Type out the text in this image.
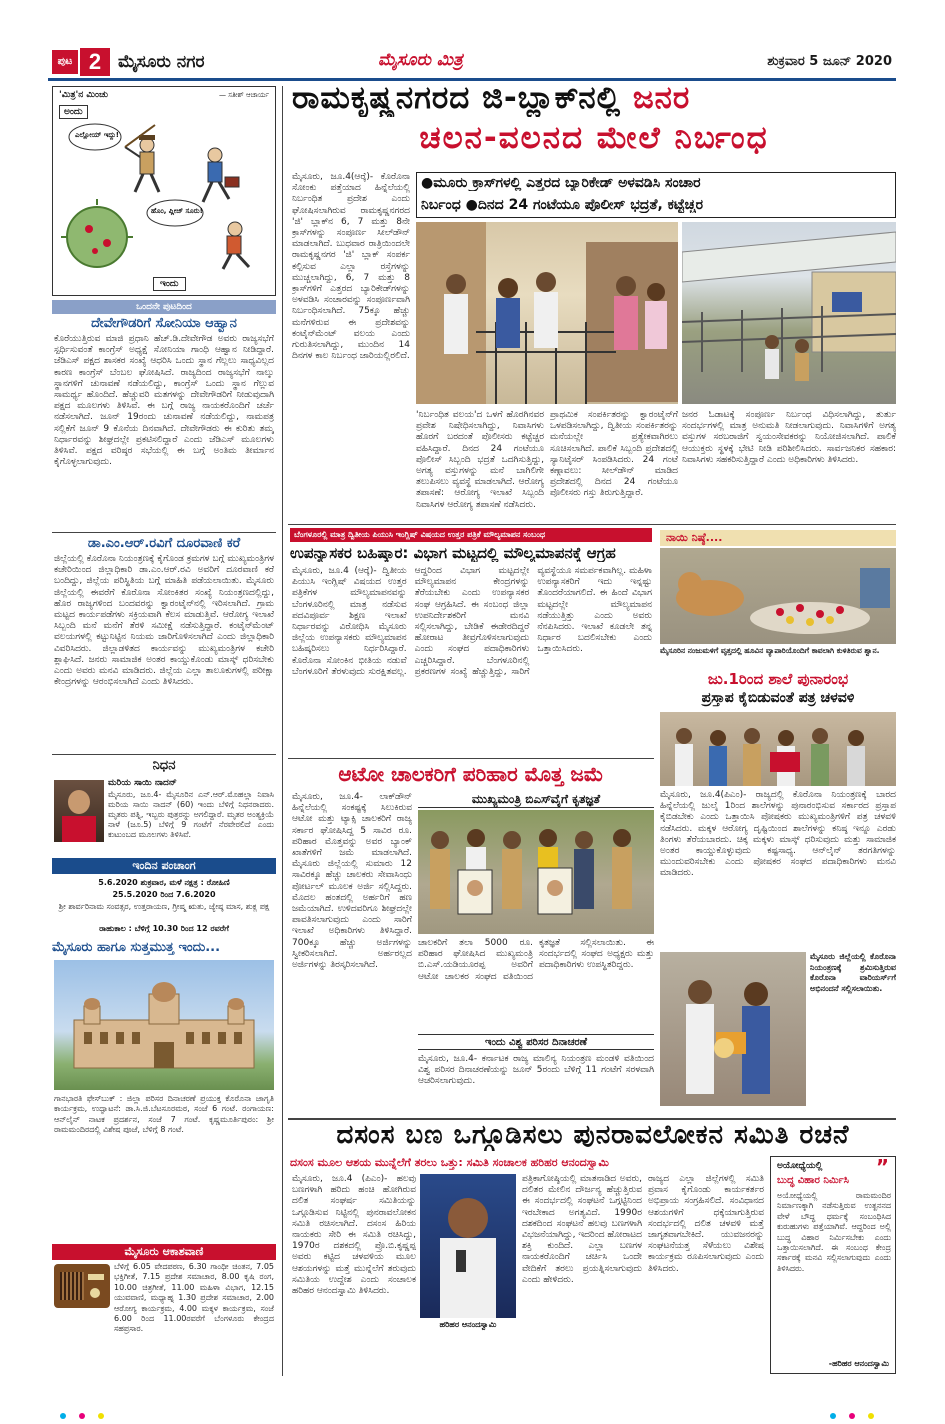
ಪುಟ 2 ಮೈಸೂರು ನಗರ	ಮೈಸೂರು ಮಿತ್ರ	ಶುಕ್ರವಾರ 5 ಜೂನ್ 2020
'ಮಿತ್ರ'ನ ಮಿಂಚು	— ಸತೀಶ್ ಆಚಾರ್ಯ
ಅಂದು
ಎಲ್ಲೋಯ್ ಇದ್ದು!
ಹೊಂ, ಪ್ಲೀಜ್ ಸೂರು!
ಇಂದು
ಒಂದನೇ ಪುಟದಿಂದ
ದೇವೇಗೌಡರಿಗೆ ಸೋನಿಯಾ ಆಹ್ವಾನ
ಕೊರೆಯುತ್ತಿರುವ ಮಾಜಿ ಪ್ರಧಾನಿ ಹೆಚ್.ಡಿ.ದೇವೇಗೌಡ ಅವರು ರಾಜ್ಯಸಭೆಗೆ ಸ್ಪರ್ಧಿಸುವಂತೆ ಕಾಂಗ್ರೆಸ್ ಅಧ್ಯಕ್ಷೆ ಸೋನಿಯಾ ಗಾಂಧಿ ಆಹ್ವಾನ ನೀಡಿದ್ದಾರೆ. ಜೆಡಿಎಸ್ ಪಕ್ಷದ ಶಾಸಕರ ಸಂಖ್ಯೆ ಆಧರಿಸಿ ಒಂದು ಸ್ಥಾನ ಗೆಲ್ಲಲು ಸಾಧ್ಯವಿಲ್ಲದ ಕಾರಣ ಕಾಂಗ್ರೆಸ್ ಬೆಂಬಲ ಘೋಷಿಸಿದೆ. ರಾಜ್ಯದಿಂದ ರಾಜ್ಯಸಭೆಗೆ ನಾಲ್ಕು ಸ್ಥಾನಗಳಿಗೆ ಚುನಾವಣೆ ನಡೆಯಲಿದ್ದು, ಕಾಂಗ್ರೆಸ್ ಒಂದು ಸ್ಥಾನ ಗೆಲ್ಲುವ ಸಾಮರ್ಥ್ಯ ಹೊಂದಿದೆ. ಹೆಚ್ಚುವರಿ ಮತಗಳನ್ನು ದೇವೇಗೌಡರಿಗೆ ನೀಡುವುದಾಗಿ ಪಕ್ಷದ ಮೂಲಗಳು ತಿಳಿಸಿವೆ. ಈ ಬಗ್ಗೆ ರಾಜ್ಯ ನಾಯಕರೊಂದಿಗೆ ಚರ್ಚೆ ನಡೆಸಲಾಗಿದೆ. ಜೂನ್ 19ರಂದು ಚುನಾವಣೆ ನಡೆಯಲಿದ್ದು, ನಾಮಪತ್ರ ಸಲ್ಲಿಕೆಗೆ ಜೂನ್ 9 ಕೊನೆಯ ದಿನವಾಗಿದೆ. ದೇವೇಗೌಡರು ಈ ಕುರಿತು ತಮ್ಮ ನಿರ್ಧಾರವನ್ನು ಶೀಘ್ರದಲ್ಲೇ ಪ್ರಕಟಿಸಲಿದ್ದಾರೆ ಎಂದು ಜೆಡಿಎಸ್ ಮೂಲಗಳು ತಿಳಿಸಿವೆ. ಪಕ್ಷದ ವರಿಷ್ಠರ ಸಭೆಯಲ್ಲಿ ಈ ಬಗ್ಗೆ ಅಂತಿಮ ತೀರ್ಮಾನ ಕೈಗೊಳ್ಳಲಾಗುವುದು.
ಡಾ.ಎಂ.ಆರ್.ರವಿಗೆ ದೂರವಾಣಿ ಕರೆ
ಜಿಲ್ಲೆಯಲ್ಲಿ ಕೊರೊನಾ ನಿಯಂತ್ರಣಕ್ಕೆ ಕೈಗೊಂಡ ಕ್ರಮಗಳ ಬಗ್ಗೆ ಮುಖ್ಯಮಂತ್ರಿಗಳ ಕಚೇರಿಯಿಂದ ಜಿಲ್ಲಾಧಿಕಾರಿ ಡಾ.ಎಂ.ಆರ್.ರವಿ ಅವರಿಗೆ ದೂರವಾಣಿ ಕರೆ ಬಂದಿದ್ದು, ಜಿಲ್ಲೆಯ ಪರಿಸ್ಥಿತಿಯ ಬಗ್ಗೆ ಮಾಹಿತಿ ಪಡೆಯಲಾಯಿತು. ಮೈಸೂರು ಜಿಲ್ಲೆಯಲ್ಲಿ ಈವರೆಗೆ ಕೊರೊನಾ ಸೋಂಕಿತರ ಸಂಖ್ಯೆ ನಿಯಂತ್ರಣದಲ್ಲಿದ್ದು, ಹೊರ ರಾಜ್ಯಗಳಿಂದ ಬಂದವರನ್ನು ಕ್ವಾರಂಟೈನ್‍ನಲ್ಲಿ ಇರಿಸಲಾಗಿದೆ. ಗ್ರಾಮ ಮಟ್ಟದ ಕಾರ್ಯಪಡೆಗಳು ಸಕ್ರಿಯವಾಗಿ ಕೆಲಸ ಮಾಡುತ್ತಿವೆ. ಆರೋಗ್ಯ ಇಲಾಖೆ ಸಿಬ್ಬಂದಿ ಮನೆ ಮನೆಗೆ ತೆರಳಿ ಸಮೀಕ್ಷೆ ನಡೆಸುತ್ತಿದ್ದಾರೆ. ಕಂಟೈನ್‍ಮೆಂಟ್ ವಲಯಗಳಲ್ಲಿ ಕಟ್ಟುನಿಟ್ಟಿನ ನಿಯಮ ಜಾರಿಗೊಳಿಸಲಾಗಿದೆ ಎಂದು ಜಿಲ್ಲಾಧಿಕಾರಿ ವಿವರಿಸಿದರು. ಜಿಲ್ಲಾಡಳಿತದ ಕಾರ್ಯವನ್ನು ಮುಖ್ಯಮಂತ್ರಿಗಳ ಕಚೇರಿ ಶ್ಲಾಘಿಸಿದೆ. ಜನರು ಸಾಮಾಜಿಕ ಅಂತರ ಕಾಯ್ದುಕೊಂಡು ಮಾಸ್ಕ್ ಧರಿಸಬೇಕು ಎಂದು ಅವರು ಮನವಿ ಮಾಡಿದರು. ಜಿಲ್ಲೆಯ ಎಲ್ಲಾ ತಾಲೂಕುಗಳಲ್ಲಿ ಪರೀಕ್ಷಾ ಕೇಂದ್ರಗಳನ್ನು ಆರಂಭಿಸಲಾಗಿದೆ ಎಂದು ತಿಳಿಸಿದರು.
ನಿಧನ
ಮರಿಯ ಸಾಯಿ ನಾದನ್
ಮೈಸೂರು, ಜೂ.4- ಮೈಸೂರಿನ ಎನ್.ಆರ್.ಮೊಹಲ್ಲಾ ನಿವಾಸಿ ಮರಿಯ ಸಾಯಿ ನಾದನ್ (60) ಇಂದು ಬೆಳಿಗ್ಗೆ ನಿಧನರಾದರು. ಮೃತರು ಪತ್ನಿ, ಇಬ್ಬರು ಪುತ್ರರನ್ನು ಅಗಲಿದ್ದಾರೆ. ಮೃತರ ಅಂತ್ಯಕ್ರಿಯೆ ನಾಳೆ (ಜೂ.5) ಬೆಳಿಗ್ಗೆ 9 ಗಂಟೆಗೆ ನೆರವೇರಲಿದೆ ಎಂದು ಕುಟುಂಬದ ಮೂಲಗಳು ತಿಳಿಸಿವೆ.
ಇಂದಿನ ಪಂಚಾಂಗ
5.6.2020 ಶುಕ್ರವಾರ, ಮಳೆ ನಕ್ಷತ್ರ : ರೋಹಿಣಿ
25.5.2020 ರಿಂದ 7.6.2020
ಶ್ರೀ ಶಾರ್ವರಿನಾಮ ಸಂವತ್ಸರ, ಉತ್ತರಾಯಣ, ಗ್ರೀಷ್ಮ ಋತು, ಜ್ಯೇಷ್ಠ ಮಾಸ, ಶುಕ್ಲ ಪಕ್ಷ
ರಾಹುಕಾಲ : ಬೆಳಿಗ್ಗೆ 10.30 ರಿಂದ 12 ರವರೆಗೆ
ಮೈಸೂರು ಹಾಗೂ ಸುತ್ತಮುತ್ತ ಇಂದು...
ಗಾನಭಾರತಿ ಫೇಸ್‍ಬುಕ್ : ಜಿಲ್ಲಾ ಪರಿಸರ ದಿನಾಚರಣೆ ಪ್ರಯುಕ್ತ ಕೊರೊನಾ ಜಾಗೃತಿ ಕಾರ್ಯಕ್ರಮ, ಉದ್ಘಾಟನೆ: ಡಾ.ಸಿ.ಜಿ.ಬೆಟಸೂರಮಠ, ಸಂಜೆ 6 ಗಂಟೆ. ರಂಗಾಯಣ: ಆನ್‍ಲೈನ್ ನಾಟಕ ಪ್ರದರ್ಶನ, ಸಂಜೆ 7 ಗಂಟೆ. ಕೃಷ್ಣಮೂರ್ತಿಪುರಂ: ಶ್ರೀ ರಾಮಮಂದಿರದಲ್ಲಿ ವಿಶೇಷ ಪೂಜೆ, ಬೆಳಿಗ್ಗೆ 8 ಗಂಟೆ.
ಮೈಸೂರು ಆಕಾಶವಾಣಿ
ಬೆಳಿಗ್ಗೆ 6.05 ವೇದಪಠಣ, 6.30 ಗಾಂಧೀ ಚಿಂತನ, 7.05 ಭಕ್ತಿಗೀತೆ, 7.15 ಪ್ರದೇಶ ಸಮಾಚಾರ, 8.00 ಕೃಷಿ ರಂಗ, 10.00 ಚಿತ್ರಗೀತೆ, 11.00 ಮಹಿಳಾ ವಿಭಾಗ, 12.15 ಯುವವಾಣಿ, ಮಧ್ಯಾಹ್ನ 1.30 ಪ್ರದೇಶ ಸಮಾಚಾರ, 2.00 ಆರೋಗ್ಯ ಕಾರ್ಯಕ್ರಮ, 4.00 ಮಕ್ಕಳ ಕಾರ್ಯಕ್ರಮ, ಸಂಜೆ 6.00 ರಿಂದ 11.00ರವರೆಗೆ ಬೆಂಗಳೂರು ಕೇಂದ್ರದ ಸಹಪ್ರಸಾರ.
ರಾಮಕೃಷ್ಣನಗರದ ಜಿ-ಬ್ಲಾಕ್‍ನಲ್ಲಿ ಜನರ
ಚಲನ-ವಲನದ ಮೇಲೆ ನಿರ್ಬಂಧ
ಮೈಸೂರು, ಜೂ.4(ಆರ್‍ಕೆ)- ಕೊರೊನಾ ಸೋಂಕು ಪತ್ತೆಯಾದ ಹಿನ್ನೆಲೆಯಲ್ಲಿ ನಿರ್ಬಂಧಿತ ಪ್ರದೇಶ ಎಂದು ಘೋಷಿಸಲಾಗಿರುವ ರಾಮಕೃಷ್ಣನಗರದ 'ಜಿ' ಬ್ಲಾಕ್‍ನ 6, 7 ಮತ್ತು 8ನೇ ಕ್ರಾಸ್‍ಗಳನ್ನು ಸಂಪೂರ್ಣ ಸೀಲ್‍ಡೌನ್ ಮಾಡಲಾಗಿದೆ. ಬುಧವಾರ ರಾತ್ರಿಯಿಂದಲೇ ರಾಮಕೃಷ್ಣನಗರ 'ಜಿ' ಬ್ಲಾಕ್ ಸಂಪರ್ಕ ಕಲ್ಪಿಸುವ ಎಲ್ಲಾ ರಸ್ತೆಗಳನ್ನು ಮುಚ್ಚಲಾಗಿದ್ದು, 6, 7 ಮತ್ತು 8 ಕ್ರಾಸ್‍ಗಳಿಗೆ ಎತ್ತರದ ಬ್ಯಾರಿಕೇಡ್‍ಗಳನ್ನು ಅಳವಡಿಸಿ ಸಂಚಾರವನ್ನು ಸಂಪೂರ್ಣವಾಗಿ ನಿರ್ಬಂಧಿಸಲಾಗಿದೆ. 75ಕ್ಕೂ ಹೆಚ್ಚು ಮನೆಗಳಿರುವ ಈ ಪ್ರದೇಶವನ್ನು ಕಂಟೈನ್‍ಮೆಂಟ್ ವಲಯ ಎಂದು ಗುರುತಿಸಲಾಗಿದ್ದು, ಮುಂದಿನ 14 ದಿನಗಳ ಕಾಲ ನಿರ್ಬಂಧ ಜಾರಿಯಲ್ಲಿರಲಿದೆ.
●ಮೂರು ಕ್ರಾಸ್‍ಗಳಲ್ಲಿ ಎತ್ತರದ ಬ್ಯಾರಿಕೇಡ್ ಅಳವಡಿಸಿ ಸಂಚಾರ
ನಿರ್ಬಂಧ ●ದಿನದ 24 ಗಂಟೆಯೂ ಪೊಲೀಸ್ ಭದ್ರತೆ, ಕಟ್ಟೆಚ್ಚರ
'ನಿರ್ಬಂಧಿತ ವಲಯ'ದ ಒಳಗೆ ಹೊರಗಿನವರ ಪ್ರವೇಶ ನಿಷೇಧಿಸಲಾಗಿದ್ದು, ನಿವಾಸಿಗಳು ಹೊರಗೆ ಬರದಂತೆ ಪೊಲೀಸರು ಕಟ್ಟೆಚ್ಚರ ವಹಿಸಿದ್ದಾರೆ. ದಿನದ 24 ಗಂಟೆಯೂ ಪೊಲೀಸ್ ಸಿಬ್ಬಂದಿ ಭದ್ರತೆ ಒದಗಿಸುತ್ತಿದ್ದು, ಅಗತ್ಯ ವಸ್ತುಗಳನ್ನು ಮನೆ ಬಾಗಿಲಿಗೇ ತಲುಪಿಸಲು ವ್ಯವಸ್ಥೆ ಮಾಡಲಾಗಿದೆ. ಆರೋಗ್ಯ ತಪಾಸಣೆ: ಆರೋಗ್ಯ ಇಲಾಖೆ ಸಿಬ್ಬಂದಿ ನಿವಾಸಿಗಳ ಆರೋಗ್ಯ ತಪಾಸಣೆ ನಡೆಸಿದರು.
ಪ್ರಾಥಮಿಕ ಸಂಪರ್ಕಿತರನ್ನು ಕ್ವಾರಂಟೈನ್‍ಗೆ ಒಳಪಡಿಸಲಾಗಿದ್ದು, ದ್ವಿತೀಯ ಸಂಪರ್ಕಿತರನ್ನು ಮನೆಯಲ್ಲೇ ಪ್ರತ್ಯೇಕವಾಗಿರಲು ಸೂಚಿಸಲಾಗಿದೆ. ಪಾಲಿಕೆ ಸಿಬ್ಬಂದಿ ಪ್ರದೇಶದಲ್ಲಿ ಸ್ಯಾನಿಟೈಸರ್ ಸಿಂಪಡಿಸಿದರು. 24 ಗಂಟೆ ಕಣ್ಗಾವಲು: ಸೀಲ್‍ಡೌನ್ ಮಾಡಿದ ಪ್ರದೇಶದಲ್ಲಿ ದಿನದ 24 ಗಂಟೆಯೂ ಪೊಲೀಸರು ಗಸ್ತು ತಿರುಗುತ್ತಿದ್ದಾರೆ.
ಜನರ ಓಡಾಟಕ್ಕೆ ಸಂಪೂರ್ಣ ನಿರ್ಬಂಧ ವಿಧಿಸಲಾಗಿದ್ದು, ತುರ್ತು ಸಂದರ್ಭಗಳಲ್ಲಿ ಮಾತ್ರ ಅನುಮತಿ ನೀಡಲಾಗುವುದು. ನಿವಾಸಿಗಳಿಗೆ ಅಗತ್ಯ ವಸ್ತುಗಳ ಸರಬರಾಜಿಗೆ ಸ್ವಯಂಸೇವಕರನ್ನು ನಿಯೋಜಿಸಲಾಗಿದೆ. ಪಾಲಿಕೆ ಆಯುಕ್ತರು ಸ್ಥಳಕ್ಕೆ ಭೇಟಿ ನೀಡಿ ಪರಿಶೀಲಿಸಿದರು. ಸಾರ್ವಜನಿಕರ ಸಹಕಾರ: ನಿವಾಸಿಗಳು ಸಹಕರಿಸುತ್ತಿದ್ದಾರೆ ಎಂದು ಅಧಿಕಾರಿಗಳು ತಿಳಿಸಿದರು.
ಬೆಂಗಳೂರಲ್ಲಿ ಮಾತ್ರ ದ್ವಿತೀಯ ಪಿಯುಸಿ ಇಂಗ್ಲಿಷ್ ವಿಷಯದ ಉತ್ತರ ಪತ್ರಿಕೆ ಮೌಲ್ಯಮಾಪನ ಸಂಬಂಧ
ಉಪನ್ಯಾಸಕರ ಬಹಿಷ್ಕಾರ: ವಿಭಾಗ ಮಟ್ಟದಲ್ಲಿ ಮೌಲ್ಯಮಾಪನಕ್ಕೆ ಆಗ್ರಹ
ಮೈಸೂರು, ಜೂ.4 (ಆರ್‍ಕೆ)- ದ್ವಿತೀಯ ಪಿಯುಸಿ ಇಂಗ್ಲಿಷ್ ವಿಷಯದ ಉತ್ತರ ಪತ್ರಿಕೆಗಳ ಮೌಲ್ಯಮಾಪನವನ್ನು ಬೆಂಗಳೂರಿನಲ್ಲಿ ಮಾತ್ರ ನಡೆಸುವ ಪದವಿಪೂರ್ವ ಶಿಕ್ಷಣ ಇಲಾಖೆ ನಿರ್ಧಾರವನ್ನು ವಿರೋಧಿಸಿ ಮೈಸೂರು ಜಿಲ್ಲೆಯ ಉಪನ್ಯಾಸಕರು ಮೌಲ್ಯಮಾಪನ ಬಹಿಷ್ಕರಿಸಲು ನಿರ್ಧರಿಸಿದ್ದಾರೆ. ಕೊರೊನಾ ಸೋಂಕಿನ ಭೀತಿಯ ನಡುವೆ ಬೆಂಗಳೂರಿಗೆ ತೆರಳುವುದು ಸುರಕ್ಷಿತವಲ್ಲ. ಆದ್ದರಿಂದ ವಿಭಾಗ ಮಟ್ಟದಲ್ಲೇ ಮೌಲ್ಯಮಾಪನ ಕೇಂದ್ರಗಳನ್ನು ತೆರೆಯಬೇಕು ಎಂದು ಉಪನ್ಯಾಸಕರ ಸಂಘ ಆಗ್ರಹಿಸಿದೆ. ಈ ಸಂಬಂಧ ಜಿಲ್ಲಾ ಉಪನಿರ್ದೇಶಕರಿಗೆ ಮನವಿ ಸಲ್ಲಿಸಲಾಗಿದ್ದು, ಬೇಡಿಕೆ ಈಡೇರದಿದ್ದರೆ ಹೋರಾಟ ತೀವ್ರಗೊಳಿಸಲಾಗುವುದು ಎಂದು ಸಂಘದ ಪದಾಧಿಕಾರಿಗಳು ಎಚ್ಚರಿಸಿದ್ದಾರೆ. ಬೆಂಗಳೂರಿನಲ್ಲಿ ಪ್ರಕರಣಗಳ ಸಂಖ್ಯೆ ಹೆಚ್ಚುತ್ತಿದ್ದು, ಸಾರಿಗೆ ವ್ಯವಸ್ಥೆಯೂ ಸಮರ್ಪಕವಾಗಿಲ್ಲ. ಮಹಿಳಾ ಉಪನ್ಯಾಸಕರಿಗೆ ಇದು ಇನ್ನಷ್ಟು ತೊಂದರೆಯಾಗಲಿದೆ. ಈ ಹಿಂದೆ ವಿಭಾಗ ಮಟ್ಟದಲ್ಲೇ ಮೌಲ್ಯಮಾಪನ ನಡೆಯುತ್ತಿತ್ತು ಎಂದು ಅವರು ನೆನಪಿಸಿದರು. ಇಲಾಖೆ ಕೂಡಲೇ ತನ್ನ ನಿರ್ಧಾರ ಬದಲಿಸಬೇಕು ಎಂದು ಒತ್ತಾಯಿಸಿದರು.
ನಾಯಿ ನಿಷ್ಠೆ....
ಮೈಸೂರಿನ ನಂಜುಮಳಿಗೆ ವೃತ್ತದಲ್ಲಿ ಹೂವಿನ ವ್ಯಾಪಾರಿಯೊಂದಿಗೆ ಕಾವಲಾಗಿ ಕುಳಿತಿರುವ ಶ್ವಾನ.
ಜು.1ರಿಂದ ಶಾಲೆ ಪುನಾರಂಭ
ಪ್ರಸ್ತಾಪ ಕೈಬಿಡುವಂತೆ ಪತ್ರ ಚಳವಳಿ
ಮೈಸೂರು, ಜೂ.4(ಪಿಎಂ)- ರಾಜ್ಯದಲ್ಲಿ ಕೊರೊನಾ ನಿಯಂತ್ರಣಕ್ಕೆ ಬಾರದ ಹಿನ್ನೆಲೆಯಲ್ಲಿ ಜುಲೈ 1ರಿಂದ ಶಾಲೆಗಳನ್ನು ಪುನಾರಂಭಿಸುವ ಸರ್ಕಾರದ ಪ್ರಸ್ತಾಪ ಕೈಬಿಡಬೇಕು ಎಂದು ಒತ್ತಾಯಿಸಿ ಪೋಷಕರು ಮುಖ್ಯಮಂತ್ರಿಗಳಿಗೆ ಪತ್ರ ಚಳವಳಿ ನಡೆಸಿದರು. ಮಕ್ಕಳ ಆರೋಗ್ಯ ದೃಷ್ಟಿಯಿಂದ ಶಾಲೆಗಳನ್ನು ಕನಿಷ್ಠ ಇನ್ನೂ ಎರಡು ತಿಂಗಳು ತೆರೆಯಬಾರದು. ಚಿಕ್ಕ ಮಕ್ಕಳು ಮಾಸ್ಕ್ ಧರಿಸುವುದು ಮತ್ತು ಸಾಮಾಜಿಕ ಅಂತರ ಕಾಯ್ದುಕೊಳ್ಳುವುದು ಕಷ್ಟಸಾಧ್ಯ. ಆನ್‍ಲೈನ್ ತರಗತಿಗಳನ್ನು ಮುಂದುವರಿಸಬೇಕು ಎಂದು ಪೋಷಕರ ಸಂಘದ ಪದಾಧಿಕಾರಿಗಳು ಮನವಿ ಮಾಡಿದರು.
ಆಟೋ ಚಾಲಕರಿಗೆ ಪರಿಹಾರ ಮೊತ್ತ ಜಮೆ
ಮೈಸೂರು, ಜೂ.4- ಲಾಕ್‍ಡೌನ್ ಹಿನ್ನೆಲೆಯಲ್ಲಿ ಸಂಕಷ್ಟಕ್ಕೆ ಸಿಲುಕಿರುವ ಆಟೋ ಮತ್ತು ಟ್ಯಾಕ್ಸಿ ಚಾಲಕರಿಗೆ ರಾಜ್ಯ ಸರ್ಕಾರ ಘೋಷಿಸಿದ್ದ 5 ಸಾವಿರ ರೂ. ಪರಿಹಾರ ಮೊತ್ತವನ್ನು ಅವರ ಬ್ಯಾಂಕ್ ಖಾತೆಗಳಿಗೆ ಜಮೆ ಮಾಡಲಾಗಿದೆ. ಮೈಸೂರು ಜಿಲ್ಲೆಯಲ್ಲಿ ಸುಮಾರು 12 ಸಾವಿರಕ್ಕೂ ಹೆಚ್ಚು ಚಾಲಕರು ಸೇವಾಸಿಂಧು ಪೋರ್ಟಲ್ ಮೂಲಕ ಅರ್ಜಿ ಸಲ್ಲಿಸಿದ್ದರು. ಮೊದಲ ಹಂತದಲ್ಲಿ ಅರ್ಹರಿಗೆ ಹಣ ಜಮೆಯಾಗಿದೆ. ಉಳಿದವರಿಗೂ ಶೀಘ್ರದಲ್ಲೇ ಪಾವತಿಸಲಾಗುವುದು ಎಂದು ಸಾರಿಗೆ ಇಲಾಖೆ ಅಧಿಕಾರಿಗಳು ತಿಳಿಸಿದ್ದಾರೆ. 700ಕ್ಕೂ ಹೆಚ್ಚು ಅರ್ಜಿಗಳನ್ನು ಸ್ವೀಕರಿಸಲಾಗಿದೆ. ಅರ್ಹರಲ್ಲದ ಅರ್ಜಿಗಳನ್ನು ತಿರಸ್ಕರಿಸಲಾಗಿದೆ.
ಮುಖ್ಯಮಂತ್ರಿ ಬಿಎಸ್‍ವೈಗೆ ಕೃತಜ್ಞತೆ
ಚಾಲಕರಿಗೆ ತಲಾ 5000 ರೂ. ಪರಿಹಾರ ಘೋಷಿಸಿದ ಮುಖ್ಯಮಂತ್ರಿ ಬಿ.ಎಸ್.ಯಡಿಯೂರಪ್ಪ ಅವರಿಗೆ ಆಟೋ ಚಾಲಕರ ಸಂಘದ ವತಿಯಿಂದ ಕೃತಜ್ಞತೆ ಸಲ್ಲಿಸಲಾಯಿತು. ಈ ಸಂದರ್ಭದಲ್ಲಿ ಸಂಘದ ಅಧ್ಯಕ್ಷರು ಮತ್ತು ಪದಾಧಿಕಾರಿಗಳು ಉಪಸ್ಥಿತರಿದ್ದರು.
ಇಂದು ವಿಶ್ವ ಪರಿಸರ ದಿನಾಚರಣೆ
ಮೈಸೂರು, ಜೂ.4- ಕರ್ನಾಟಕ ರಾಜ್ಯ ಮಾಲಿನ್ಯ ನಿಯಂತ್ರಣ ಮಂಡಳಿ ವತಿಯಿಂದ ವಿಶ್ವ ಪರಿಸರ ದಿನಾಚರಣೆಯನ್ನು ಜೂನ್ 5ರಂದು ಬೆಳಿಗ್ಗೆ 11 ಗಂಟೆಗೆ ಸರಳವಾಗಿ ಆಚರಿಸಲಾಗುವುದು.
ಮೈಸೂರು ಜಿಲ್ಲೆಯಲ್ಲಿ ಕೊರೊನಾ ನಿಯಂತ್ರಣಕ್ಕೆ ಶ್ರಮಿಸುತ್ತಿರುವ ಕೊರೊನಾ ವಾರಿಯರ್ಸ್‍ಗೆ ಅಭಿನಂದನೆ ಸಲ್ಲಿಸಲಾಯಿತು.
ದಸಂಸ ಬಣ ಒಗ್ಗೂಡಿಸಲು ಪುನರಾವಲೋಕನ ಸಮಿತಿ ರಚನೆ
ದಸಂಸ ಮೂಲ ಆಶಯ ಮುನ್ನೆಲೆಗೆ ತರಲು ಒತ್ತು: ಸಮಿತಿ ಸಂಚಾಲಕ ಹರಿಹರ ಆನಂದಸ್ವಾಮಿ
ಮೈಸೂರು, ಜೂ.4 (ಪಿಎಂ)- ಹಲವು ಬಣಗಳಾಗಿ ಹರಿದು ಹಂಚಿ ಹೋಗಿರುವ ದಲಿತ ಸಂಘರ್ಷ ಸಮಿತಿಯನ್ನು ಒಗ್ಗೂಡಿಸುವ ನಿಟ್ಟಿನಲ್ಲಿ ಪುನರಾವಲೋಕನ ಸಮಿತಿ ರಚಿಸಲಾಗಿದೆ. ದಸಂಸ ಹಿರಿಯ ನಾಯಕರು ಸೇರಿ ಈ ಸಮಿತಿ ರಚಿಸಿದ್ದು, 1970ರ ದಶಕದಲ್ಲಿ ಪ್ರೊ.ಬಿ.ಕೃಷ್ಣಪ್ಪ ಅವರು ಕಟ್ಟಿದ ಚಳವಳಿಯ ಮೂಲ ಆಶಯಗಳನ್ನು ಮತ್ತೆ ಮುನ್ನೆಲೆಗೆ ತರುವುದು ಸಮಿತಿಯ ಉದ್ದೇಶ ಎಂದು ಸಂಚಾಲಕ ಹರಿಹರ ಆನಂದಸ್ವಾಮಿ ತಿಳಿಸಿದರು.
ಹರಿಹರ ಆನಂದಸ್ವಾಮಿ
ಪತ್ರಿಕಾಗೋಷ್ಠಿಯಲ್ಲಿ ಮಾತನಾಡಿದ ಅವರು, ದಲಿತರ ಮೇಲಿನ ದೌರ್ಜನ್ಯ ಹೆಚ್ಚುತ್ತಿರುವ ಈ ಸಂದರ್ಭದಲ್ಲಿ ಸಂಘಟನೆ ಒಗ್ಗಟ್ಟಿನಿಂದ ಇರಬೇಕಾದ ಅಗತ್ಯವಿದೆ. 1990ರ ದಶಕದಿಂದ ಸಂಘಟನೆ ಹಲವು ಬಣಗಳಾಗಿ ವಿಭಜನೆಯಾಗಿದ್ದು, ಇದರಿಂದ ಹೋರಾಟದ ಶಕ್ತಿ ಕುಂದಿದೆ. ಎಲ್ಲಾ ಬಣಗಳ ನಾಯಕರೊಂದಿಗೆ ಚರ್ಚಿಸಿ ಒಂದೇ ವೇದಿಕೆಗೆ ತರಲು ಪ್ರಯತ್ನಿಸಲಾಗುವುದು ಎಂದು ಹೇಳಿದರು.
ರಾಜ್ಯದ ಎಲ್ಲಾ ಜಿಲ್ಲೆಗಳಲ್ಲಿ ಸಮಿತಿ ಪ್ರವಾಸ ಕೈಗೊಂಡು ಕಾರ್ಯಕರ್ತರ ಅಭಿಪ್ರಾಯ ಸಂಗ್ರಹಿಸಲಿದೆ. ಸಂವಿಧಾನದ ಆಶಯಗಳಿಗೆ ಧಕ್ಕೆಯಾಗುತ್ತಿರುವ ಸಂದರ್ಭದಲ್ಲಿ ದಲಿತ ಚಳವಳಿ ಮತ್ತೆ ಜಾಗೃತವಾಗಬೇಕಿದೆ. ಯುವಜನರನ್ನು ಸಂಘಟನೆಯತ್ತ ಸೆಳೆಯಲು ವಿಶೇಷ ಕಾರ್ಯಕ್ರಮ ರೂಪಿಸಲಾಗುವುದು ಎಂದು ತಿಳಿಸಿದರು.
ಅಯೋಧ್ಯೆಯಲ್ಲಿ	”
ಬುದ್ಧ ವಿಹಾರ ನಿರ್ಮಿಸಿ
ಅಯೋಧ್ಯೆಯಲ್ಲಿ ರಾಮಮಂದಿರ ನಿರ್ಮಾಣಕ್ಕಾಗಿ ನಡೆಸುತ್ತಿರುವ ಉತ್ಖನನದ ವೇಳೆ ಬೌದ್ಧ ಧರ್ಮಕ್ಕೆ ಸಂಬಂಧಿಸಿದ ಕುರುಹುಗಳು ಪತ್ತೆಯಾಗಿವೆ. ಆದ್ದರಿಂದ ಅಲ್ಲಿ ಬುದ್ಧ ವಿಹಾರ ನಿರ್ಮಿಸಬೇಕು ಎಂದು ಒತ್ತಾಯಿಸಲಾಗಿದೆ. ಈ ಸಂಬಂಧ ಕೇಂದ್ರ ಸರ್ಕಾರಕ್ಕೆ ಮನವಿ ಸಲ್ಲಿಸಲಾಗುವುದು ಎಂದು ತಿಳಿಸಿದರು.
-ಹರಿಹರ ಆನಂದಸ್ವಾಮಿ
